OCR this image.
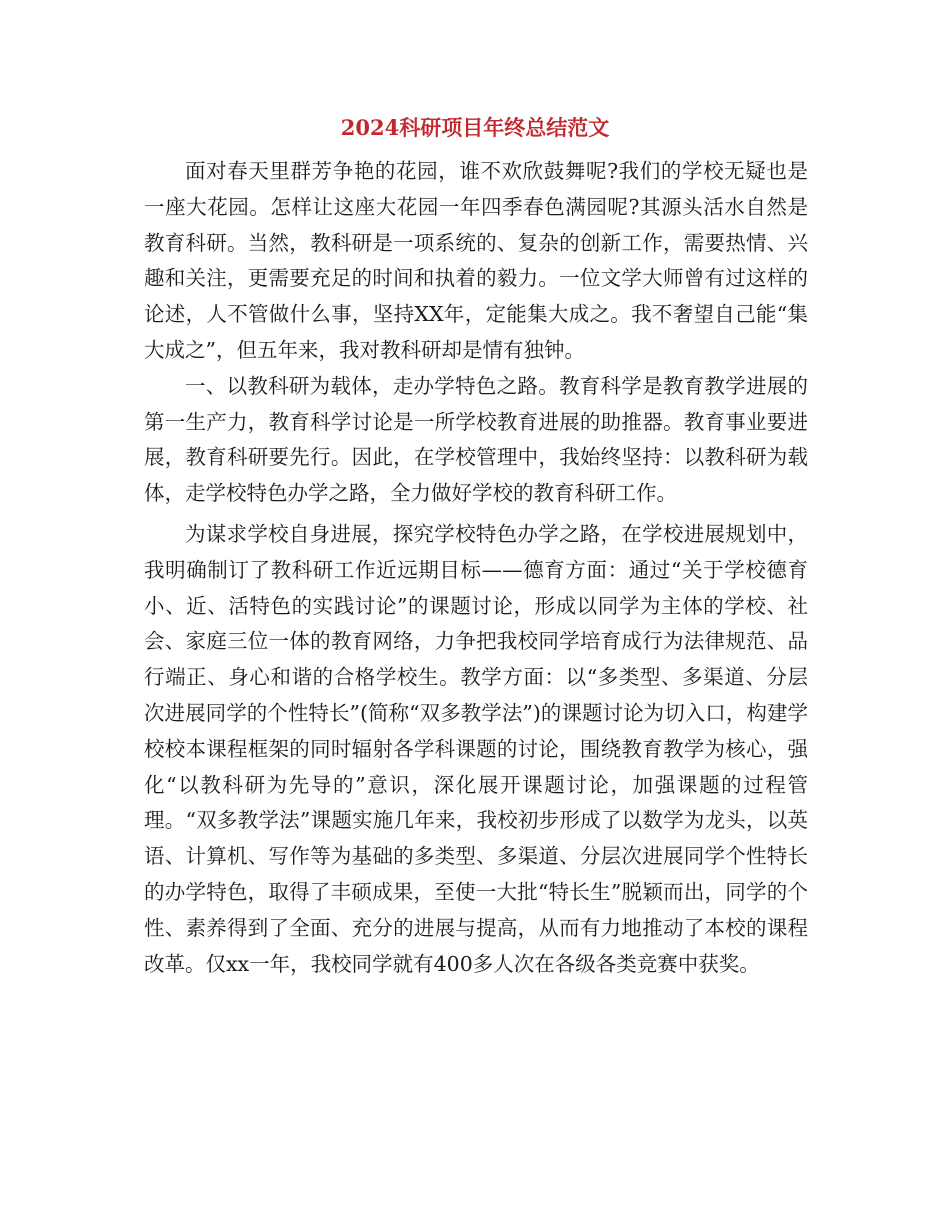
2024科研项目年终总结范文

面对春天里群芳争艳的花园，谁不欢欣鼓舞呢?我们的学校无疑也是一座大花园。怎样让这座大花园一年四季春色满园呢?其源头活水自然是教育科研。当然，教科研是一项系统的、复杂的创新工作，需要热情、兴趣和关注，更需要充足的时间和执着的毅力。一位文学大师曾有过这样的论述，人不管做什么事，坚持XX年，定能集大成之。我不奢望自己能“集大成之”，但五年来，我对教科研却是情有独钟。

一、以教科研为载体，走办学特色之路。教育科学是教育教学进展的第一生产力，教育科学讨论是一所学校教育进展的助推器。教育事业要进展，教育科研要先行。因此，在学校管理中，我始终坚持：以教科研为载体，走学校特色办学之路，全力做好学校的教育科研工作。

为谋求学校自身进展，探究学校特色办学之路，在学校进展规划中，我明确制订了教科研工作近远期目标——德育方面：通过“关于学校德育小、近、活特色的实践讨论”的课题讨论，形成以同学为主体的学校、社会、家庭三位一体的教育网络，力争把我校同学培育成行为法律规范、品行端正、身心和谐的合格学校生。教学方面：以“多类型、多渠道、分层次进展同学的个性特长”(简称“双多教学法”)的课题讨论为切入口，构建学校校本课程框架的同时辐射各学科课题的讨论，围绕教育教学为核心，强化“以教科研为先导的”意识，深化展开课题讨论，加强课题的过程管理。“双多教学法”课题实施几年来，我校初步形成了以数学为龙头，以英语、计算机、写作等为基础的多类型、多渠道、分层次进展同学个性特长的办学特色，取得了丰硕成果，至使一大批“特长生”脱颖而出，同学的个性、素养得到了全面、充分的进展与提高，从而有力地推动了本校的课程改革。仅xx一年，我校同学就有400多人次在各级各类竞赛中获奖。
